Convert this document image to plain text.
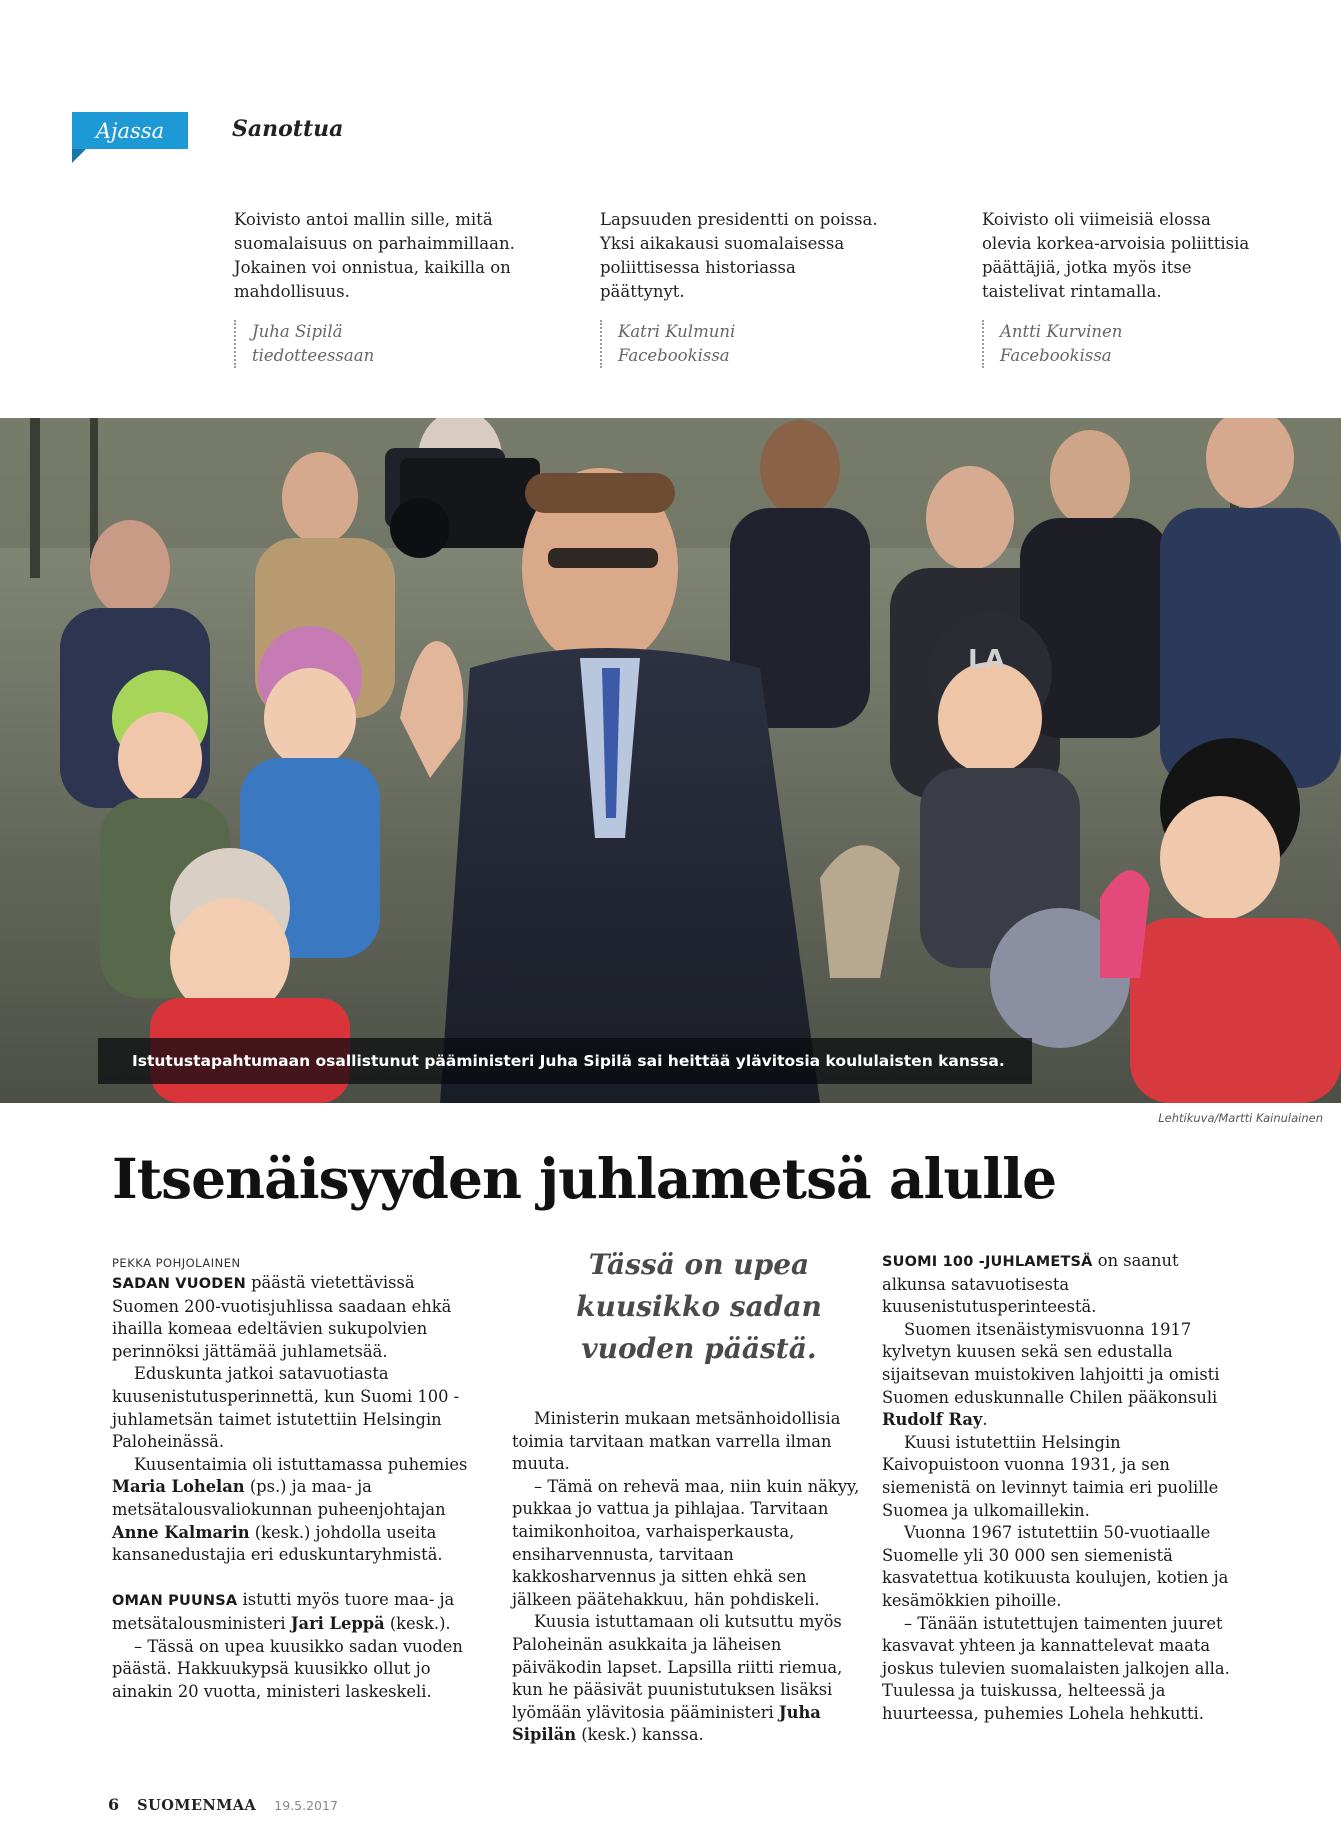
Ajassa	Sanottua
Koivisto antoi mallin sille, mitä
suomalaisuus on parhaimmillaan.
Jokainen voi onnistua, kaikilla on
mahdollisuus.
Juha Sipilä
tiedotteessaan
Lapsuuden presidentti on poissa.
Yksi aikakausi suomalaisessa
poliittisessa historiassa
päättynyt.
Katri Kulmuni
Facebookissa
Koivisto oli viimeisiä elossa
olevia korkea-arvoisia poliittisia
päättäjiä, jotka myös itse
taistelivat rintamalla.
Antti Kurvinen
Facebookissa
LA
Istutustapahtumaan osallistunut pääministeri Juha Sipilä sai heittää ylävitosia koululaisten kanssa.
Lehtikuva/Martti Kainulainen
Itsenäisyyden juhlametsä alulle
PEKKA POHJOLAINEN

SADAN VUODEN päästä vietettävissä Suomen 200-vuotisjuhlissa saadaan ehkä ihailla komeaa edeltävien sukupolvien perinnöksi jättämää juhlametsää.

Eduskunta jatkoi satavuotiasta kuusenistutusperinnettä, kun Suomi 100 -juhlametsän taimet istutettiin Helsingin Paloheinässä.

Kuusentaimia oli istuttamassa puhemies Maria Lohelan (ps.) ja maa- ja metsätalousvaliokunnan puheenjohtajan Anne Kalmarin (kesk.) johdolla useita kansanedustajia eri eduskuntaryhmistä.

OMAN PUUNSA istutti myös tuore maa- ja metsätalousministeri Jari Leppä (kesk.).

– Tässä on upea kuusikko sadan vuoden päästä. Hakkuukypsä kuusikko ollut jo ainakin 20 vuotta, ministeri laskeskeli.

Tässä on upea
kuusikko sadan
vuoden päästä.

Ministerin mukaan metsänhoidollisia toimia tarvitaan matkan varrella ilman muuta.

– Tämä on rehevä maa, niin kuin näkyy, pukkaa jo vattua ja pihlajaa. Tarvitaan taimikonhoitoa, varhaisperkausta, ensiharvennusta, tarvitaan kakkosharvennus ja sitten ehkä sen jälkeen päätehakkuu, hän pohdiskeli.

Kuusia istuttamaan oli kutsuttu myös Paloheinän asukkaita ja läheisen päiväkodin lapset. Lapsilla riitti riemua, kun he pääsivät puunistutuksen lisäksi lyömään ylävitosia pääministeri Juha Sipilän (kesk.) kanssa.

SUOMI 100 -JUHLAMETSÄ on saanut alkunsa satavuotisesta kuusenistutusperinteestä.

Suomen itsenäistymisvuonna 1917 kylvetyn kuusen sekä sen edustalla sijaitsevan muistokiven lahjoitti ja omisti Suomen eduskunnalle Chilen pääkonsuli Rudolf Ray.

Kuusi istutettiin Helsingin Kaivopuistoon vuonna 1931, ja sen siemenistä on levinnyt taimia eri puolille Suomea ja ulkomaillekin.

Vuonna 1967 istutettiin 50-vuotiaalle Suomelle yli 30 000 sen siemenistä kasvatettua kotikuusta koulujen, kotien ja kesämökkien pihoille.

– Tänään istutettujen taimenten juuret kasvavat yhteen ja kannattelevat maata joskus tulevien suomalaisten jalkojen alla. Tuulessa ja tuiskussa, helteessä ja huurteessa, puhemies Lohela hehkutti.

6 SUOMENMAA 19.5.2017
